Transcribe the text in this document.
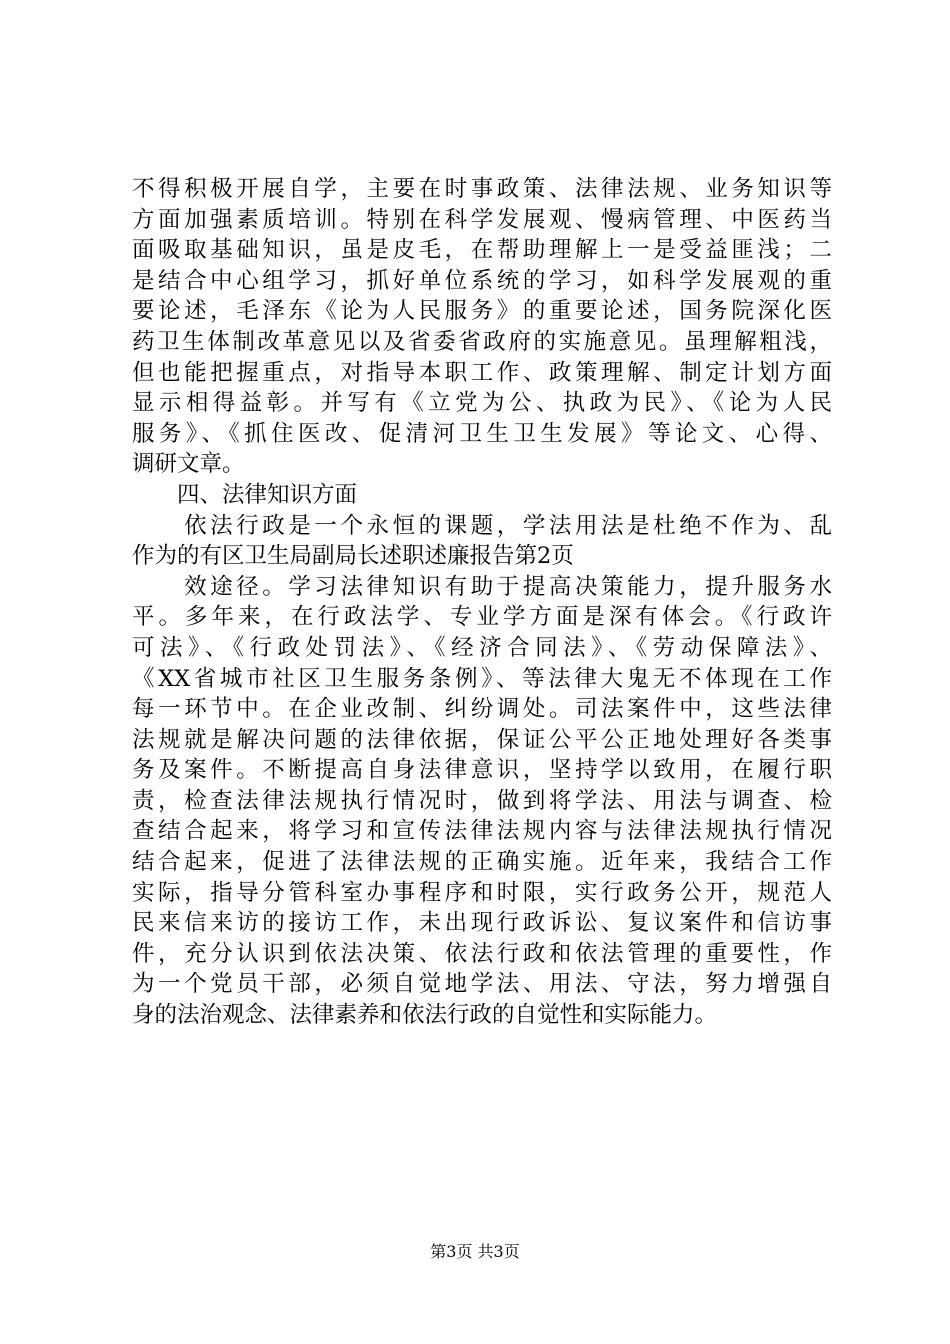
不得积极开展自学，主要在时事政策、法律法规、业务知识等
方面加强素质培训。特别在科学发展观、慢病管理、中医药当
面吸取基础知识，虽是皮毛，在帮助理解上一是受益匪浅；二
是结合中心组学习，抓好单位系统的学习，如科学发展观的重
要论述，毛泽东《论为人民服务》的重要论述，国务院深化医
药卫生体制改革意见以及省委省政府的实施意见。虽理解粗浅，
但也能把握重点，对指导本职工作、政策理解、制定计划方面
显示相得益彰。并写有《立党为公、执政为民》、《论为人民
服务》、《抓住医改、促清河卫生卫生发展》等论文、心得、
调研文章。
　　四、法律知识方面
　　依法行政是一个永恒的课题，学法用法是杜绝不作为、乱
作为的有区卫生局副局长述职述廉报告第2页
　　效途径。学习法律知识有助于提高决策能力，提升服务水
平。多年来，在行政法学、专业学方面是深有体会。《行政许
可法》、《行政处罚法》、《经济合同法》、《劳动保障法》、
《XX省城市社区卫生服务条例》、等法律大鬼无不体现在工作
每一环节中。在企业改制、纠纷调处。司法案件中，这些法律
法规就是解决问题的法律依据，保证公平公正地处理好各类事
务及案件。不断提高自身法律意识，坚持学以致用，在履行职
责，检查法律法规执行情况时，做到将学法、用法与调查、检
查结合起来，将学习和宣传法律法规内容与法律法规执行情况
结合起来，促进了法律法规的正确实施。近年来，我结合工作
实际，指导分管科室办事程序和时限，实行政务公开，规范人
民来信来访的接访工作，未出现行政诉讼、复议案件和信访事
件，充分认识到依法决策、依法行政和依法管理的重要性，作
为一个党员干部，必须自觉地学法、用法、守法，努力增强自
身的法治观念、法律素养和依法行政的自觉性和实际能力。
第3页 共3页
